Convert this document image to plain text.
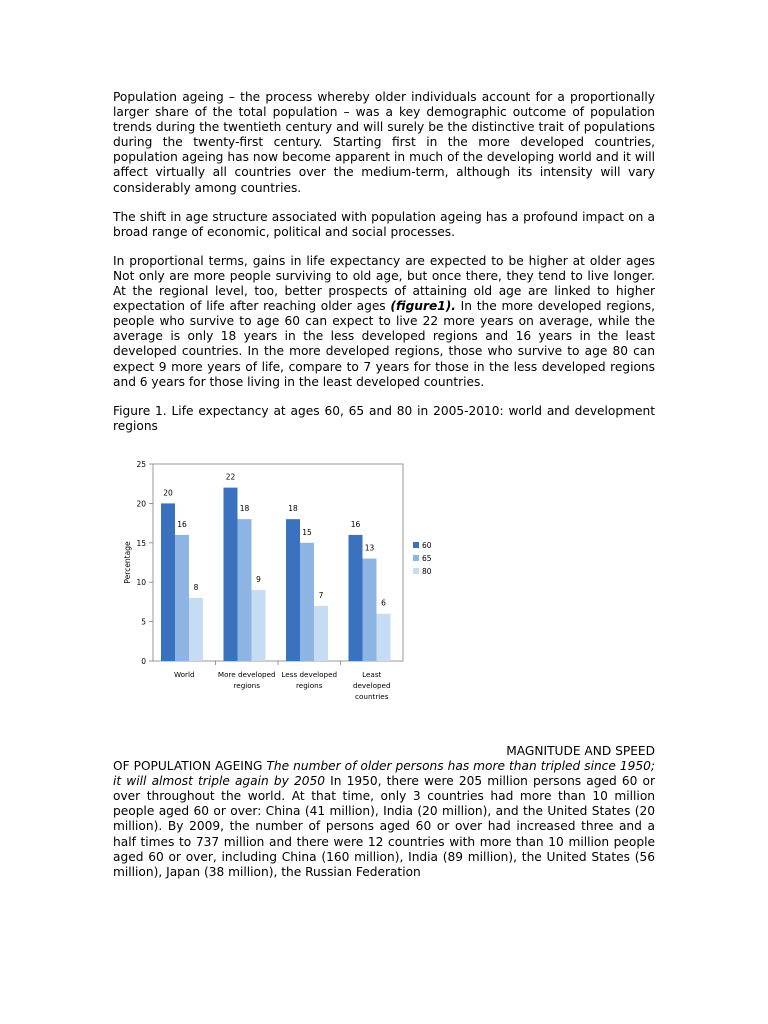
Population ageing – the process whereby older individuals account for a proportionally larger share of the total population – was a key demographic outcome of population trends during the twentieth century and will surely be the distinctive trait of populations during the twenty-first century. Starting first in the more developed countries, population ageing has now become apparent in much of the developing world and it will affect virtually all countries over the medium-term, although its intensity will vary considerably among countries.

The shift in age structure associated with population ageing has a profound impact on a broad range of economic, political and social processes.

In proportional terms, gains in life expectancy are expected to be higher at older ages Not only are more people surviving to old age, but once there, they tend to live longer. At the regional level, too, better prospects of attaining old age are linked to higher expectation of life after reaching older ages (figure1). In the more developed regions, people who survive to age 60 can expect to live 22 more years on average, while the average is only 18 years in the less developed regions and 16 years in the least developed countries. In the more developed regions, those who survive to age 80 can expect 9 more years of life, compare to 7 years for those in the less developed regions and 6 years for those living in the least developed countries.

Figure 1. Life expectancy at ages 60, 65 and 80 in 2005-2010: world and development regions

0
5
10
15
20
25
Percentage
20
16
8
World
22
18
9
More developed
regions
18
15
7
Less developed
regions
16
13
6
Least
developed
countries
60
65
80
MAGNITUDE AND SPEED

OF POPULATION AGEING The number of older persons has more than tripled since 1950; it will almost triple again by 2050 In 1950, there were 205 million persons aged 60 or over throughout the world. At that time, only 3 countries had more than 10 million people aged 60 or over: China (41 million), India (20 million), and the United States (20 million). By 2009, the number of persons aged 60 or over had increased three and a half times to 737 million and there were 12 countries with more than 10 million people aged 60 or over, including China (160 million), India (89 million), the United States (56 million), Japan (38 million), the Russian Federation
